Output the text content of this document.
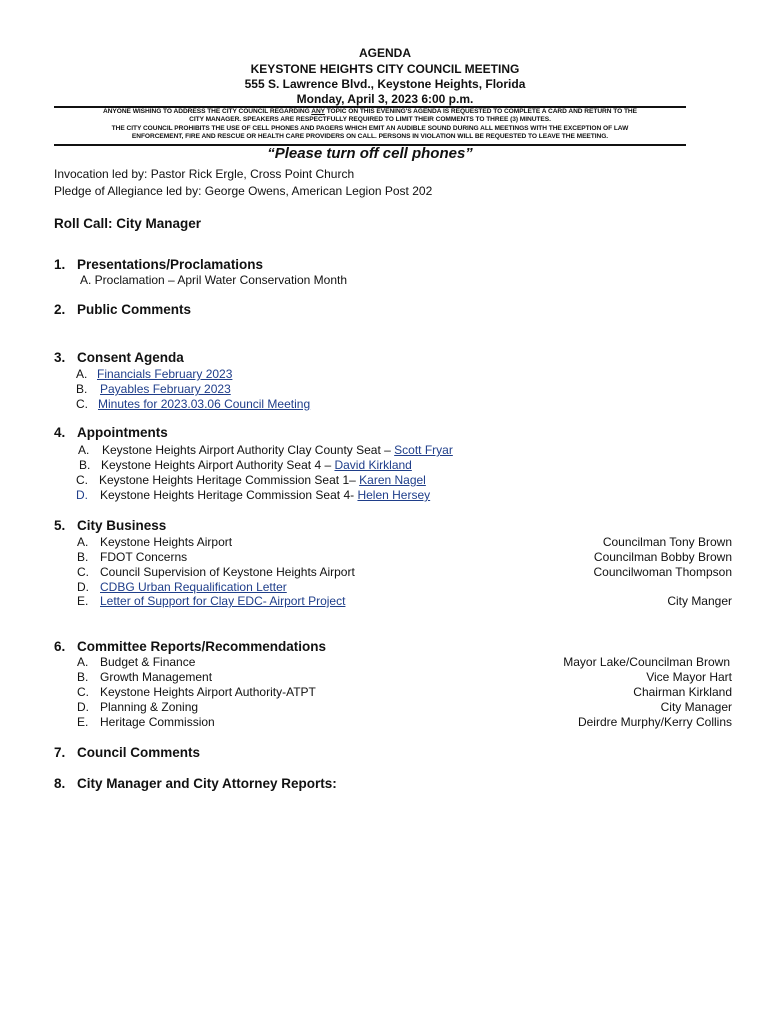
AGENDA
KEYSTONE HEIGHTS CITY COUNCIL MEETING
555 S. Lawrence Blvd., Keystone Heights, Florida
Monday, April 3, 2023 6:00 p.m.
ANYONE WISHING TO ADDRESS THE CITY COUNCIL REGARDING ANY TOPIC ON THIS EVENING'S AGENDA IS REQUESTED TO COMPLETE A CARD AND RETURN TO THE
CITY MANAGER. SPEAKERS ARE RESPECTFULLY REQUIRED TO LIMIT THEIR COMMENTS TO THREE (3) MINUTES.
THE CITY COUNCIL PROHIBITS THE USE OF CELL PHONES AND PAGERS WHICH EMIT AN AUDIBLE SOUND DURING ALL MEETINGS WITH THE EXCEPTION OF LAW
ENFORCEMENT, FIRE AND RESCUE OR HEALTH CARE PROVIDERS ON CALL. PERSONS IN VIOLATION WILL BE REQUESTED TO LEAVE THE MEETING.
“Please turn off cell phones”
Invocation led by: Pastor Rick Ergle, Cross Point Church
Pledge of Allegiance led by: George Owens, American Legion Post 202
Roll Call: City Manager
1. Presentations/Proclamations
A. Proclamation – April Water Conservation Month
2. Public Comments
3. Consent Agenda
A. Financials February 2023
B. Payables February 2023
C. Minutes for 2023.03.06 Council Meeting
4. Appointments
A. Keystone Heights Airport Authority Clay County Seat – Scott Fryar
B. Keystone Heights Airport Authority Seat 4 – David Kirkland
C. Keystone Heights Heritage Commission Seat 1– Karen Nagel
D. Keystone Heights Heritage Commission Seat 4- Helen Hersey
5. City Business
A. Keystone Heights Airport	Councilman Tony Brown
B. FDOT Concerns	Councilman Bobby Brown
C. Council Supervision of Keystone Heights Airport	Councilwoman Thompson
D. CDBG Urban Requalification Letter
E. Letter of Support for Clay EDC- Airport Project	City Manger
6. Committee Reports/Recommendations
A. Budget & Finance	Mayor Lake/Councilman Brown
B. Growth Management	Vice Mayor Hart
C. Keystone Heights Airport Authority-ATPT	Chairman Kirkland
D. Planning & Zoning	City Manager
E. Heritage Commission	Deirdre Murphy/Kerry Collins
7. Council Comments
8. City Manager and City Attorney Reports:
